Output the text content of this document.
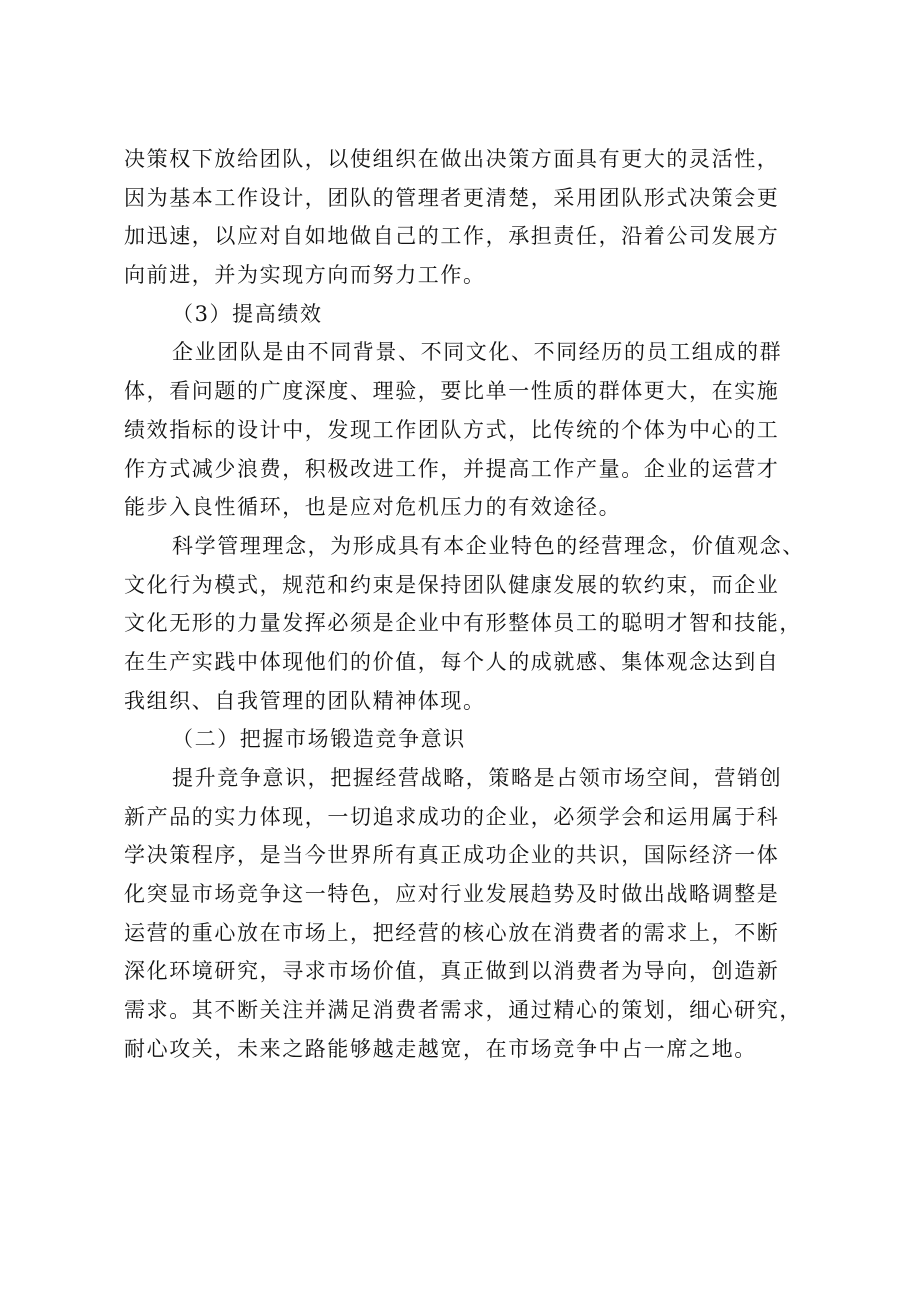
决策权下放给团队，以使组织在做出决策方面具有更大的灵活性，
因为基本工作设计，团队的管理者更清楚，采用团队形式决策会更
加迅速，以应对自如地做自己的工作，承担责任，沿着公司发展方
向前进，并为实现方向而努力工作。
（3）提高绩效
企业团队是由不同背景、不同文化、不同经历的员工组成的群
体，看问题的广度深度、理验，要比单一性质的群体更大，在实施
绩效指标的设计中，发现工作团队方式，比传统的个体为中心的工
作方式减少浪费，积极改进工作，并提高工作产量。企业的运营才
能步入良性循环，也是应对危机压力的有效途径。
科学管理理念，为形成具有本企业特色的经营理念，价值观念、
文化行为模式，规范和约束是保持团队健康发展的软约束，而企业
文化无形的力量发挥必须是企业中有形整体员工的聪明才智和技能，
在生产实践中体现他们的价值，每个人的成就感、集体观念达到自
我组织、自我管理的团队精神体现。
（二）把握市场锻造竞争意识
提升竞争意识，把握经营战略，策略是占领市场空间，营销创
新产品的实力体现，一切追求成功的企业，必须学会和运用属于科
学决策程序，是当今世界所有真正成功企业的共识，国际经济一体
化突显市场竞争这一特色，应对行业发展趋势及时做出战略调整是
运营的重心放在市场上，把经营的核心放在消费者的需求上，不断
深化环境研究，寻求市场价值，真正做到以消费者为导向，创造新
需求。其不断关注并满足消费者需求，通过精心的策划，细心研究，
耐心攻关，未来之路能够越走越宽，在市场竞争中占一席之地。
